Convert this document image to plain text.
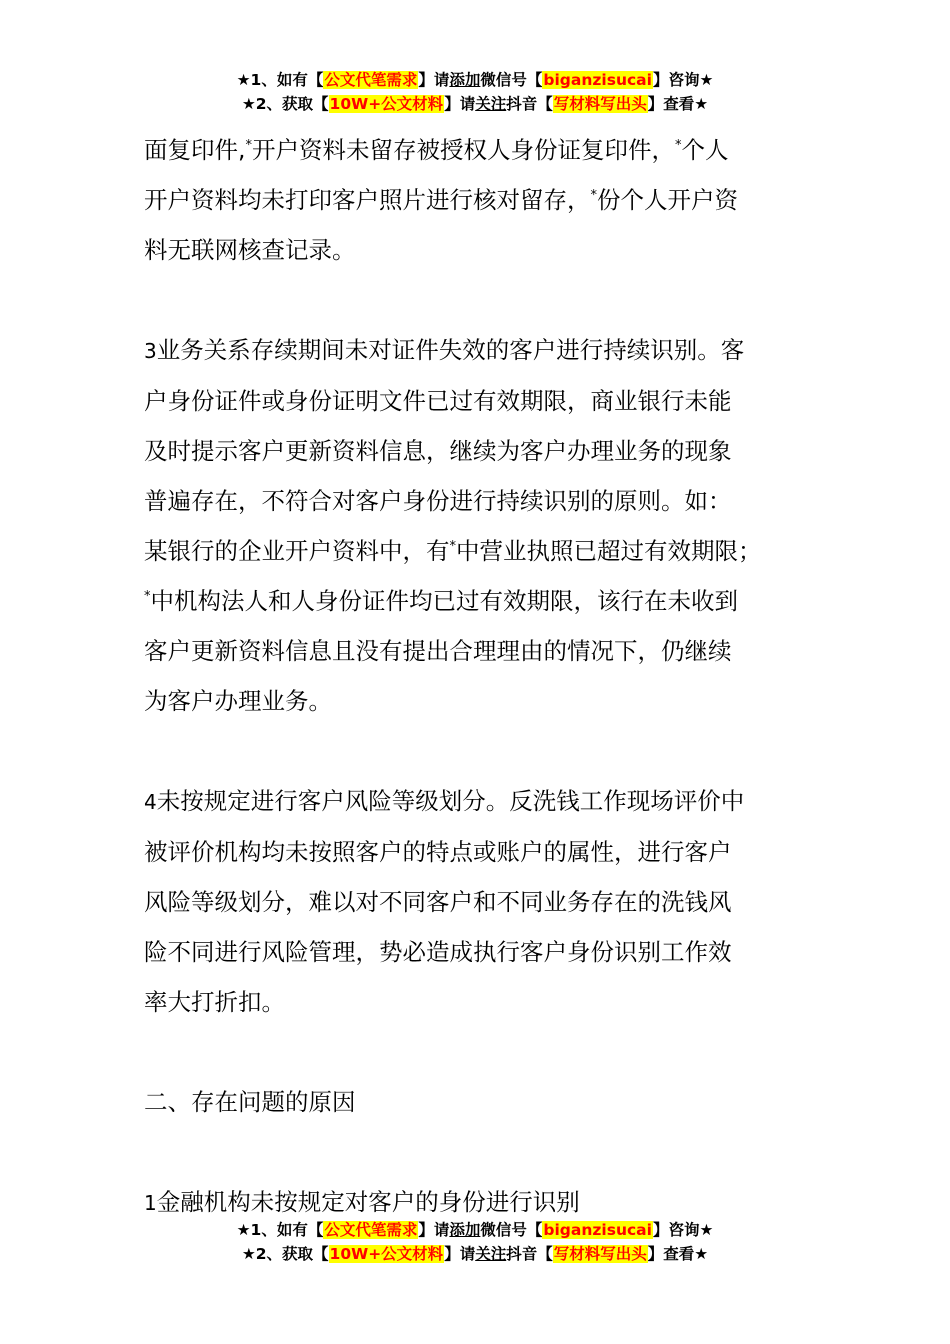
★1、如有【公文代笔需求】请添加微信号【biganzisucai】咨询★
★2、获取【10W+公文材料】请关注抖音【写材料写出头】查看★

面复印件,*开户资料未留存被授权人身份证复印件，*个人

开户资料均未打印客户照片进行核对留存，*份个人开户资

料无联网核查记录。

3业务关系存续期间未对证件失效的客户进行持续识别。客

户身份证件或身份证明文件已过有效期限，商业银行未能

及时提示客户更新资料信息，继续为客户办理业务的现象

普遍存在，不符合对客户身份进行持续识别的原则。如：

某银行的企业开户资料中，有*中营业执照已超过有效期限；

*中机构法人和人身份证件均已过有效期限，该行在未收到

客户更新资料信息且没有提出合理理由的情况下，仍继续

为客户办理业务。

4未按规定进行客户风险等级划分。反洗钱工作现场评价中

被评价机构均未按照客户的特点或账户的属性，进行客户

风险等级划分，难以对不同客户和不同业务存在的洗钱风

险不同进行风险管理，势必造成执行客户身份识别工作效

率大打折扣。

二、存在问题的原因

1金融机构未按规定对客户的身份进行识别

★1、如有【公文代笔需求】请添加微信号【biganzisucai】咨询★
★2、获取【10W+公文材料】请关注抖音【写材料写出头】查看★
